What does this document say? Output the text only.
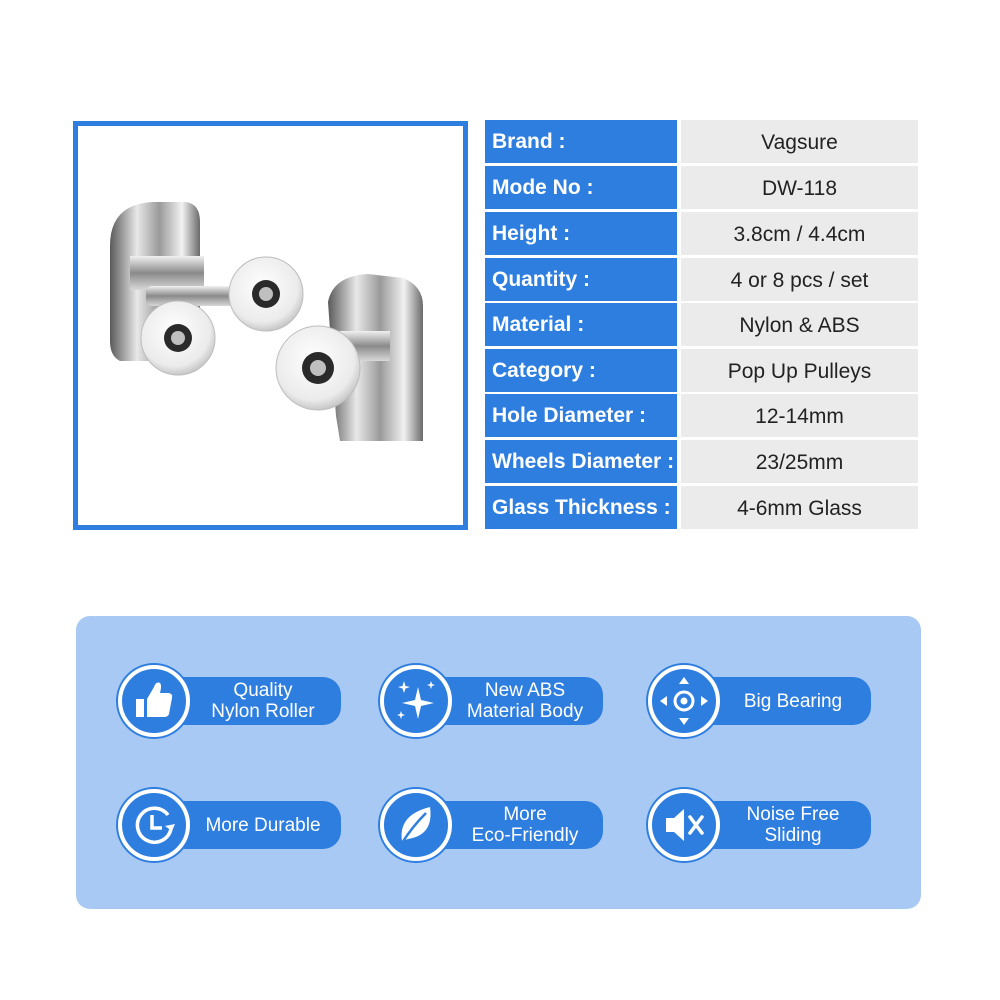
Brand :	Vagsure
Mode No :	DW-118
Height :	3.8cm / 4.4cm
Quantity :	4 or 8 pcs / set
Material :	Nylon & ABS
Category :	Pop Up Pulleys
Hole Diameter :	12-14mm
Wheels Diameter :	23/25mm
Glass Thickness :	4-6mm Glass
Quality
Nylon Roller
New ABS
Material Body	Big Bearing
More Durable	More
Eco-Friendly
Noise Free
Sliding
